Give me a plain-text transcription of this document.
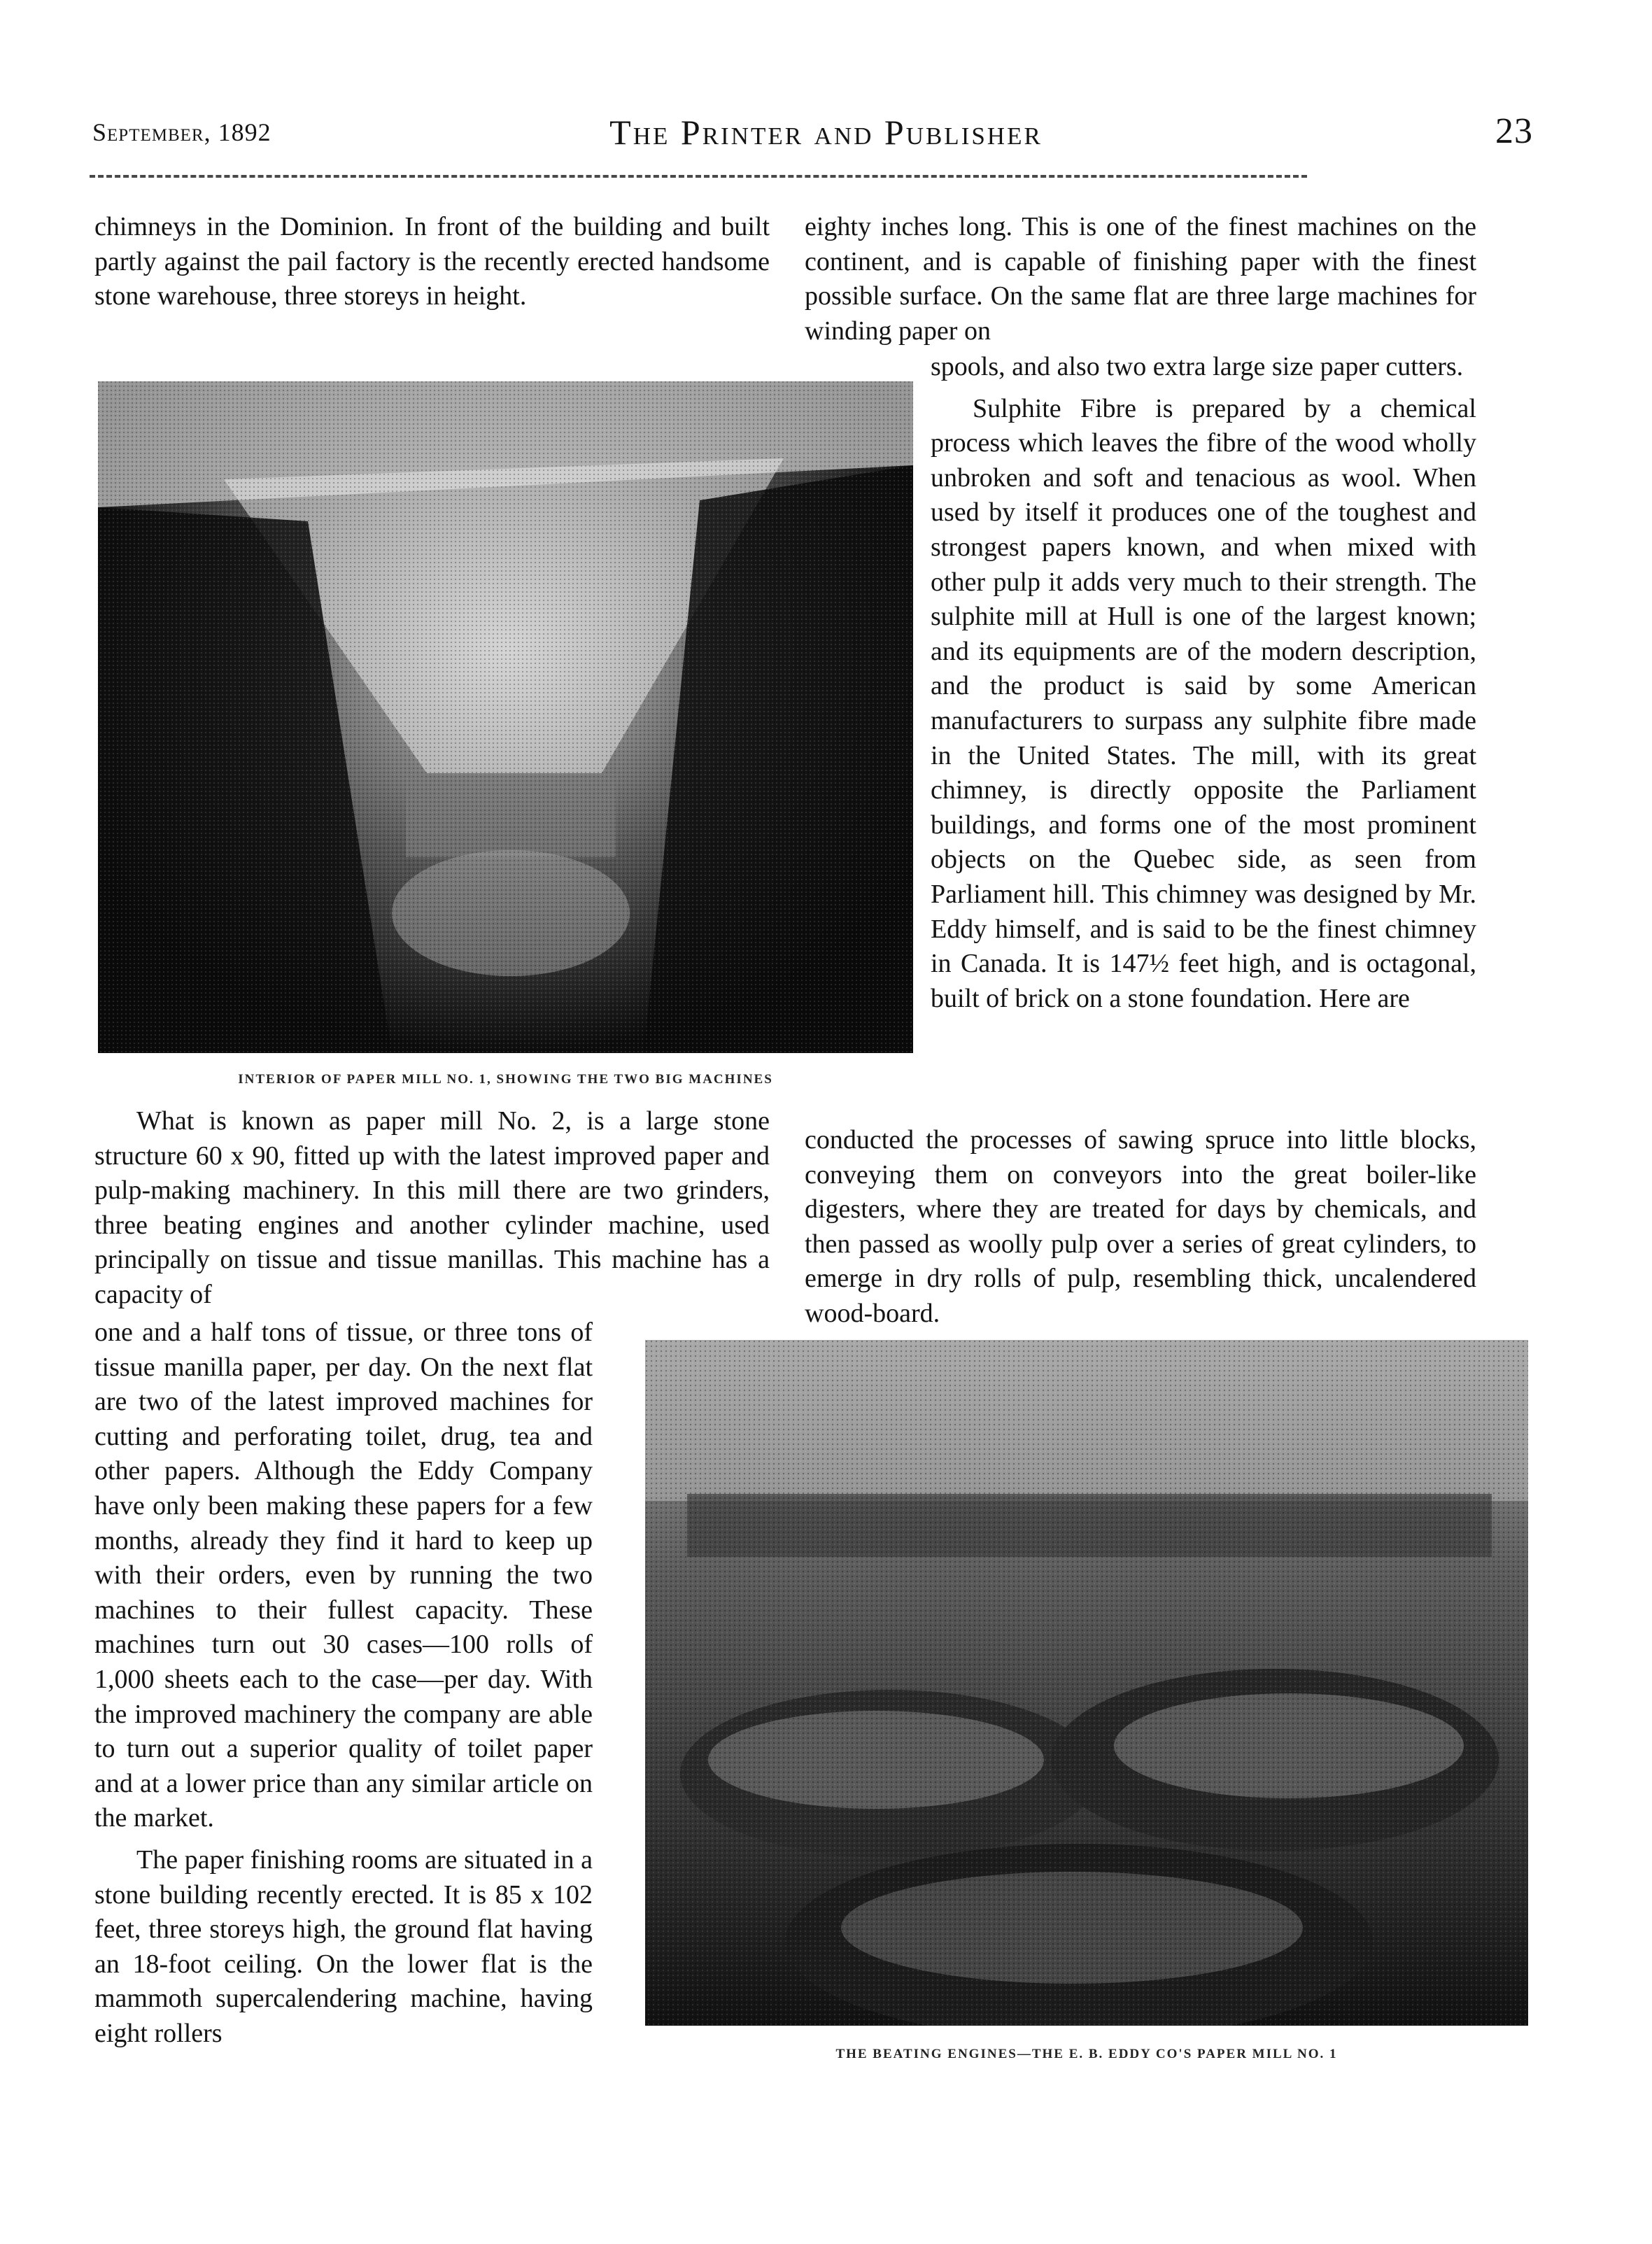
September, 1892	The Printer and Publisher	23

chimneys in the Dominion. In front of the building and built partly against the pail factory is the recently erected handsome stone warehouse, three storeys in height.

INTERIOR OF PAPER MILL NO. 1, SHOWING THE TWO BIG MACHINES

What is known as paper mill No. 2, is a large stone structure 60 x 90, fitted up with the latest improved paper and pulp-making machinery. In this mill there are two grinders, three beating engines and another cylinder machine, used principally on tissue and tissue manillas. This machine has a capacity of

one and a half tons of tissue, or three tons of tissue manilla paper, per day. On the next flat are two of the latest improved machines for cutting and perforating toilet, drug, tea and other papers. Although the Eddy Company have only been making these papers for a few months, already they find it hard to keep up with their orders, even by running the two machines to their fullest capacity. These machines turn out 30 cases—100 rolls of 1,000 sheets each to the case—per day. With the improved machinery the company are able to turn out a superior quality of toilet paper and at a lower price than any similar article on the market.

The paper finishing rooms are situated in a stone building recently erected. It is 85 x 102 feet, three storeys high, the ground flat having an 18-foot ceiling. On the lower flat is the mammoth supercalendering machine, having eight rollers

eighty inches long. This is one of the finest machines on the continent, and is capable of finishing paper with the finest possible surface. On the same flat are three large machines for winding paper on

spools, and also two extra large size paper cutters.

Sulphite Fibre is prepared by a chemical process which leaves the fibre of the wood wholly unbroken and soft and tenacious as wool. When used by itself it produces one of the toughest and strongest papers known, and when mixed with other pulp it adds very much to their strength. The sulphite mill at Hull is one of the largest known; and its equipments are of the modern description, and the product is said by some American manufacturers to surpass any sulphite fibre made in the United States. The mill, with its great chimney, is directly opposite the Parliament buildings, and forms one of the most prominent objects on the Quebec side, as seen from Parliament hill. This chimney was designed by Mr. Eddy himself, and is said to be the finest chimney in Canada. It is 147½ feet high, and is octagonal, built of brick on a stone foundation. Here are

conducted the processes of sawing spruce into little blocks, conveying them on conveyors into the great boiler-like digesters, where they are treated for days by chemicals, and then passed as woolly pulp over a series of great cylinders, to emerge in dry rolls of pulp, resembling thick, uncalendered wood-board.

THE BEATING ENGINES—THE E. B. EDDY CO'S PAPER MILL NO. 1
